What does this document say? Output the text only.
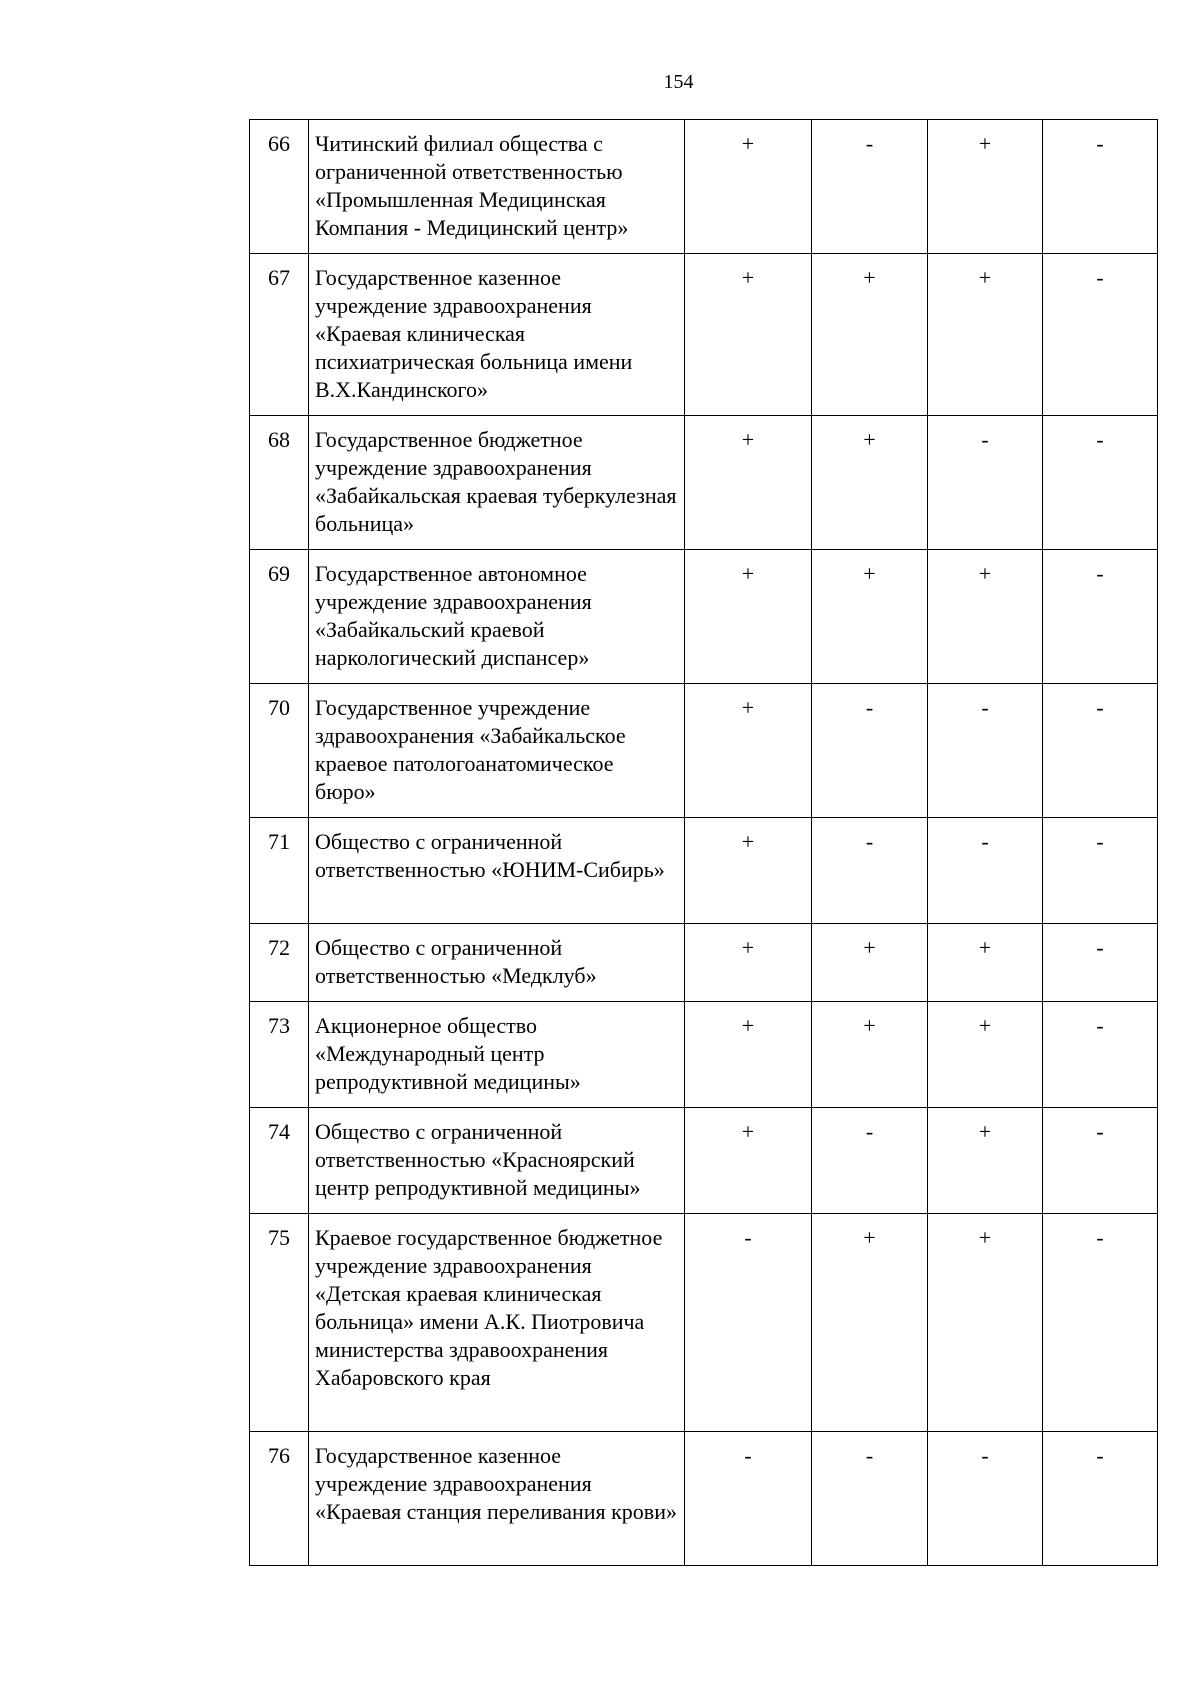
154
66	Читинский филиал общества с ограниченной ответственностью «Промышленная Медицинская Компания - Медицинский центр»	+	-	+	-
67	Государственное казенное учреждение здравоохранения «Краевая клиническая психиатрическая больница имени В.Х.Кандинского»	+	+	+	-
68	Государственное бюджетное учреждение здравоохранения «Забайкальская краевая туберкулезная больница»	+	+	-	-
69	Государственное автономное учреждение здравоохранения «Забайкальский краевой наркологический диспансер»	+	+	+	-
70	Государственное учреждение здравоохранения «Забайкальское краевое патологоанатомическое бюро»	+	-	-	-
71	Общество с ограниченной ответственностью «ЮНИМ-Сибирь»	+	-	-	-
72	Общество с ограниченной ответственностью «Медклуб»	+	+	+	-
73	Акционерное общество «Международный центр репродуктивной медицины»	+	+	+	-
74	Общество с ограниченной ответственностью «Красноярский центр репродуктивной медицины»	+	-	+	-
75	Краевое государственное бюджетное учреждение здравоохранения «Детская краевая клиническая больница» имени А.К. Пиотровича министерства здравоохранения Хабаровского края	-	+	+	-
76	Государственное казенное учреждение здравоохранения «Краевая станция переливания крови»	-	-	-	-
